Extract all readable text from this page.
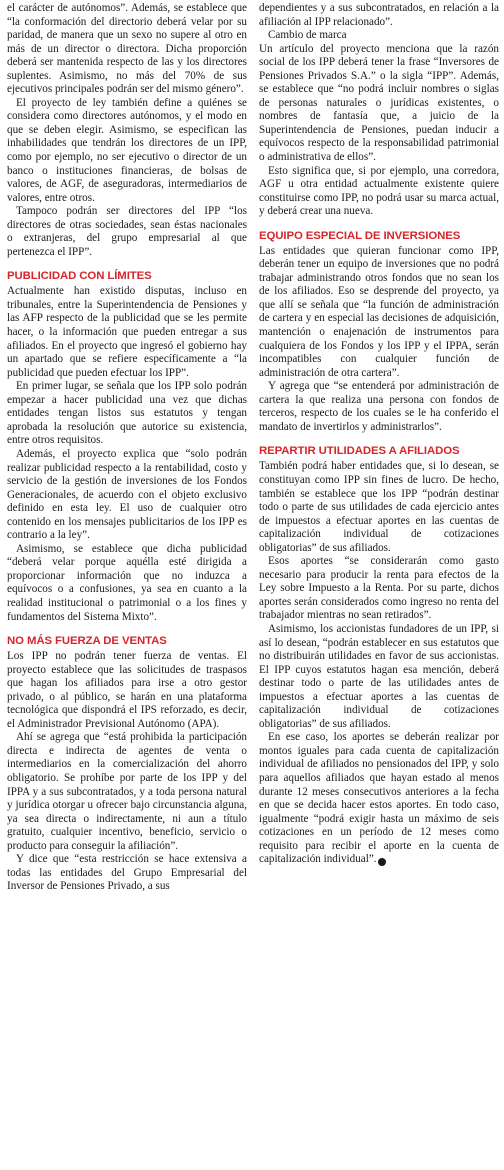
el carácter de autónomos”. Además, se establece que “la conformación del directorio deberá velar por su paridad, de manera que un sexo no supere al otro en más de un director o directora. Dicha proporción deberá ser mantenida respecto de las y los directores suplentes. Asimismo, no más del 70% de sus ejecutivos principales podrán ser del mismo género”.

El proyecto de ley también define a quiénes se considera como directores autónomos, y el modo en que se deben elegir. Asimismo, se especifican las inhabilidades que tendrán los directores de un IPP, como por ejemplo, no ser ejecutivo o director de un banco o instituciones financieras, de bolsas de valores, de AGF, de aseguradoras, intermediarios de valores, entre otros.

Tampoco podrán ser directores del IPP “los directores de otras sociedades, sean éstas nacionales o extranjeras, del grupo empresarial al que pertenezca el IPP”.

PUBLICIDAD CON LÍMITES

Actualmente han existido disputas, incluso en tribunales, entre la Superintendencia de Pensiones y las AFP respecto de la publicidad que se les permite hacer, o la información que pueden entregar a sus afiliados. En el proyecto que ingresó el gobierno hay un apartado que se refiere específicamente a “la publicidad que pueden efectuar los IPP”.

En primer lugar, se señala que los IPP solo podrán empezar a hacer publicidad una vez que dichas entidades tengan listos sus estatutos y tengan aprobada la resolución que autorice su existencia, entre otros requisitos.

Además, el proyecto explica que “solo podrán realizar publicidad respecto a la rentabilidad, costo y servicio de la gestión de inversiones de los Fondos Generacionales, de acuerdo con el objeto exclusivo definido en esta ley. El uso de cualquier otro contenido en los mensajes publicitarios de los IPP es contrario a la ley”.

Asimismo, se establece que dicha publicidad “deberá velar porque aquélla esté dirigida a proporcionar información que no induzca a equívocos o a confusiones, ya sea en cuanto a la realidad institucional o patrimonial o a los fines y fundamentos del Sistema Mixto”.

NO MÁS FUERZA DE VENTAS

Los IPP no podrán tener fuerza de ventas. El proyecto establece que las solicitudes de traspasos que hagan los afiliados para irse a otro gestor privado, o al público, se harán en una plataforma tecnológica que dispondrá el IPS reforzado, es decir, el Administrador Previsional Autónomo (APA).

Ahí se agrega que “está prohibida la participación directa e indirecta de agentes de venta o intermediarios en la comercialización del ahorro obligatorio. Se prohíbe por parte de los IPP y del IPPA y a sus subcontratados, y a toda persona natural y jurídica otorgar u ofrecer bajo circunstancia alguna, ya sea directa o indirectamente, ni aun a título gratuito, cualquier incentivo, beneficio, servicio o producto para conseguir la afiliación”.

Y dice que “esta restricción se hace extensiva a todas las entidades del Grupo Empresarial del Inversor de Pensiones Privado, a sus

dependientes y a sus subcontratados, en relación a la afiliación al IPP relacionado”.

Cambio de marca

Un artículo del proyecto menciona que la razón social de los IPP deberá tener la frase “Inversores de Pensiones Privados S.A.” o la sigla “IPP”. Además, se establece que “no podrá incluir nombres o siglas de personas naturales o jurídicas existentes, o nombres de fantasía que, a juicio de la Superintendencia de Pensiones, puedan inducir a equívocos respecto de la responsabilidad patrimonial o administrativa de ellos”.

Esto significa que, si por ejemplo, una corredora, AGF u otra entidad actualmente existente quiere constituirse como IPP, no podrá usar su marca actual, y deberá crear una nueva.

EQUIPO ESPECIAL DE INVERSIONES

Las entidades que quieran funcionar como IPP, deberán tener un equipo de inversiones que no podrá trabajar administrando otros fondos que no sean los de los afiliados. Eso se desprende del proyecto, ya que allí se señala que “la función de administración de cartera y en especial las decisiones de adquisición, mantención o enajenación de instrumentos para cualquiera de los Fondos y los IPP y el IPPA, serán incompatibles con cualquier función de administración de otra cartera”.

Y agrega que “se entenderá por administración de cartera la que realiza una persona con fondos de terceros, respecto de los cuales se le ha conferido el mandato de invertirlos y administrarlos”.

REPARTIR UTILIDADES A AFILIADOS

También podrá haber entidades que, si lo desean, se constituyan como IPP sin fines de lucro. De hecho, también se establece que los IPP “podrán destinar todo o parte de sus utilidades de cada ejercicio antes de impuestos a efectuar aportes en las cuentas de capitalización individual de cotizaciones obligatorias” de sus afiliados.

Esos aportes “se considerarán como gasto necesario para producir la renta para efectos de la Ley sobre Impuesto a la Renta. Por su parte, dichos aportes serán considerados como ingreso no renta del trabajador mientras no sean retirados”.

Asimismo, los accionistas fundadores de un IPP, si así lo desean, “podrán establecer en sus estatutos que no distribuirán utilidades en favor de sus accionistas. El IPP cuyos estatutos hagan esa mención, deberá destinar todo o parte de las utilidades antes de impuestos a efectuar aportes a las cuentas de capitalización individual de cotizaciones obligatorias” de sus afiliados.

En ese caso, los aportes se deberán realizar por montos iguales para cada cuenta de capitalización individual de afiliados no pensionados del IPP, y solo para aquellos afiliados que hayan estado al menos durante 12 meses consecutivos anteriores a la fecha en que se decida hacer estos aportes. En todo caso, igualmente “podrá exigir hasta un máximo de seis cotizaciones en un período de 12 meses como requisito para recibir el aporte en la cuenta de capitalización individual”. ●
